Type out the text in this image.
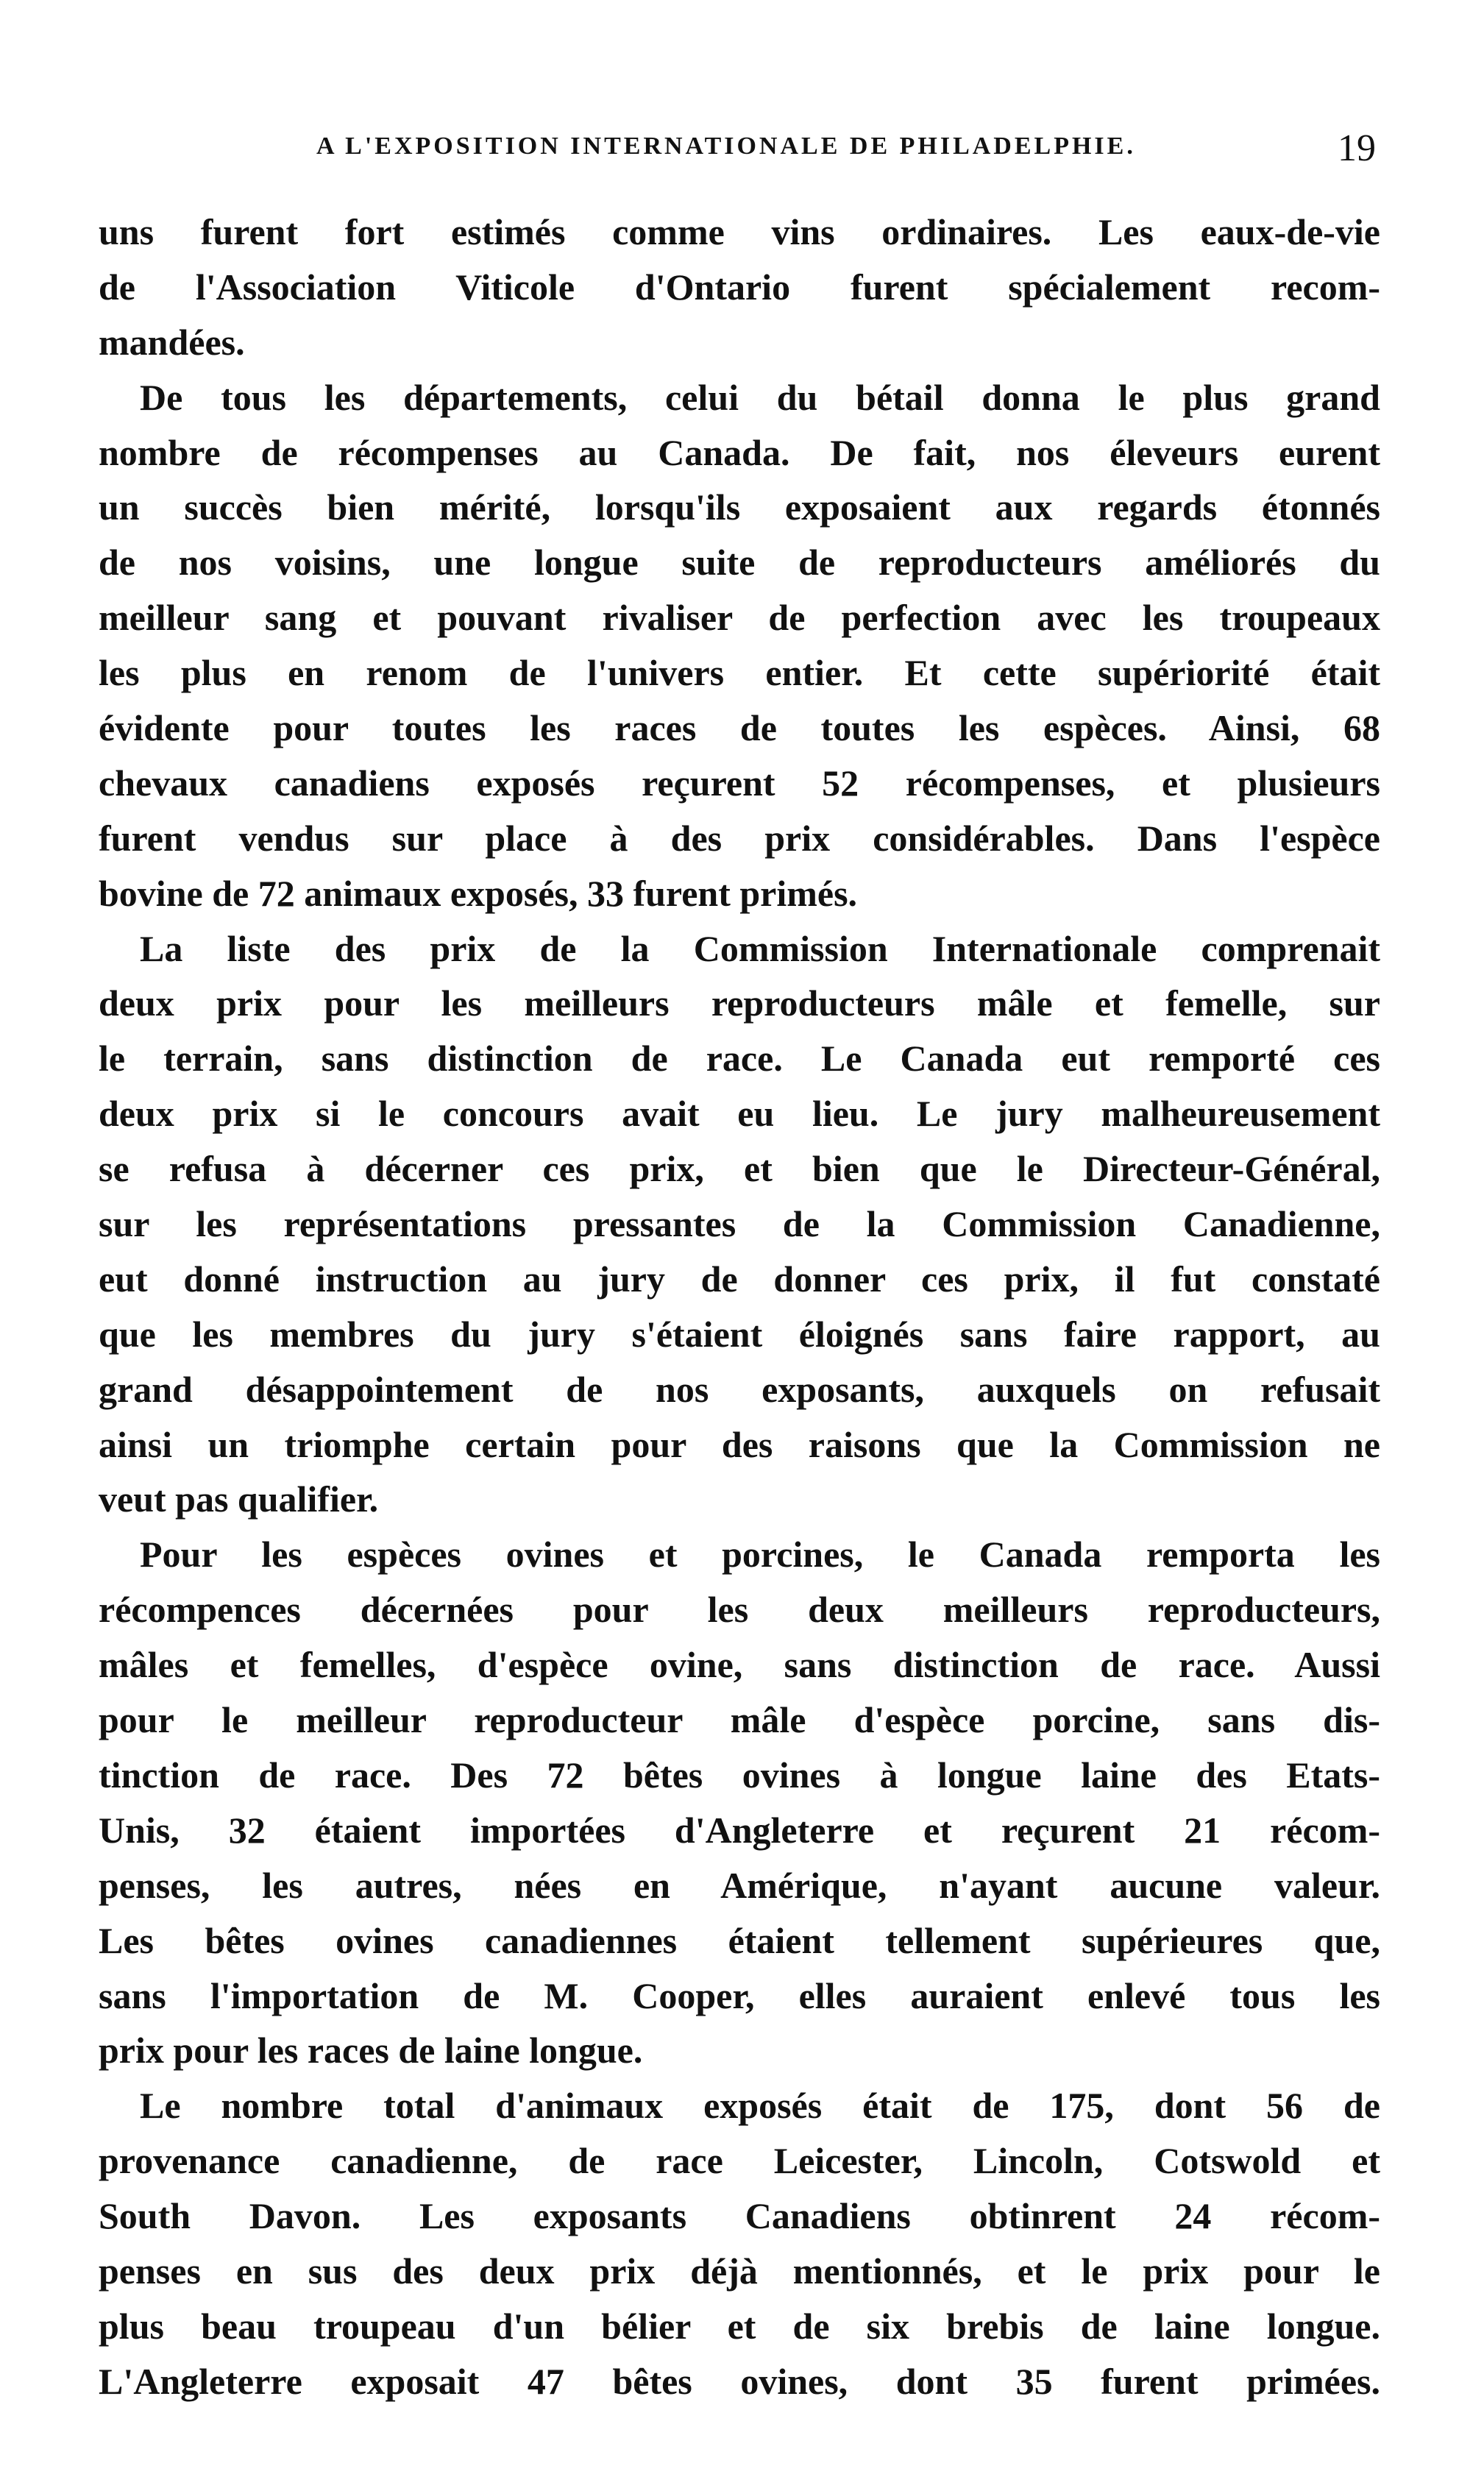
A L'EXPOSITION INTERNATIONALE DE PHILADELPHIE.	19
uns furent fort estimés comme vins ordinaires. Les eaux-de-vie
de l'Association Viticole d'Ontario furent spécialement recom-
mandées.
De tous les départements, celui du bétail donna le plus grand
nombre de récompenses au Canada. De fait, nos éleveurs eurent
un succès bien mérité, lorsqu'ils exposaient aux regards étonnés
de nos voisins, une longue suite de reproducteurs améliorés du
meilleur sang et pouvant rivaliser de perfection avec les troupeaux
les plus en renom de l'univers entier. Et cette supériorité était
évidente pour toutes les races de toutes les espèces. Ainsi, 68
chevaux canadiens exposés reçurent 52 récompenses, et plusieurs
furent vendus sur place à des prix considérables. Dans l'espèce
bovine de 72 animaux exposés, 33 furent primés.
La liste des prix de la Commission Internationale comprenait
deux prix pour les meilleurs reproducteurs mâle et femelle, sur
le terrain, sans distinction de race. Le Canada eut remporté ces
deux prix si le concours avait eu lieu. Le jury malheureusement
se refusa à décerner ces prix, et bien que le Directeur-Général,
sur les représentations pressantes de la Commission Canadienne,
eut donné instruction au jury de donner ces prix, il fut constaté
que les membres du jury s'étaient éloignés sans faire rapport, au
grand désappointement de nos exposants, auxquels on refusait
ainsi un triomphe certain pour des raisons que la Commission ne
veut pas qualifier.
Pour les espèces ovines et porcines, le Canada remporta les
récompences décernées pour les deux meilleurs reproducteurs,
mâles et femelles, d'espèce ovine, sans distinction de race. Aussi
pour le meilleur reproducteur mâle d'espèce porcine, sans dis-
tinction de race. Des 72 bêtes ovines à longue laine des Etats-
Unis, 32 étaient importées d'Angleterre et reçurent 21 récom-
penses, les autres, nées en Amérique, n'ayant aucune valeur.
Les bêtes ovines canadiennes étaient tellement supérieures que,
sans l'importation de M. Cooper, elles auraient enlevé tous les
prix pour les races de laine longue.
Le nombre total d'animaux exposés était de 175, dont 56 de
provenance canadienne, de race Leicester, Lincoln, Cotswold et
South Davon. Les exposants Canadiens obtinrent 24 récom-
penses en sus des deux prix déjà mentionnés, et le prix pour le
plus beau troupeau d'un bélier et de six brebis de laine longue.
L'Angleterre exposait 47 bêtes ovines, dont 35 furent primées.
